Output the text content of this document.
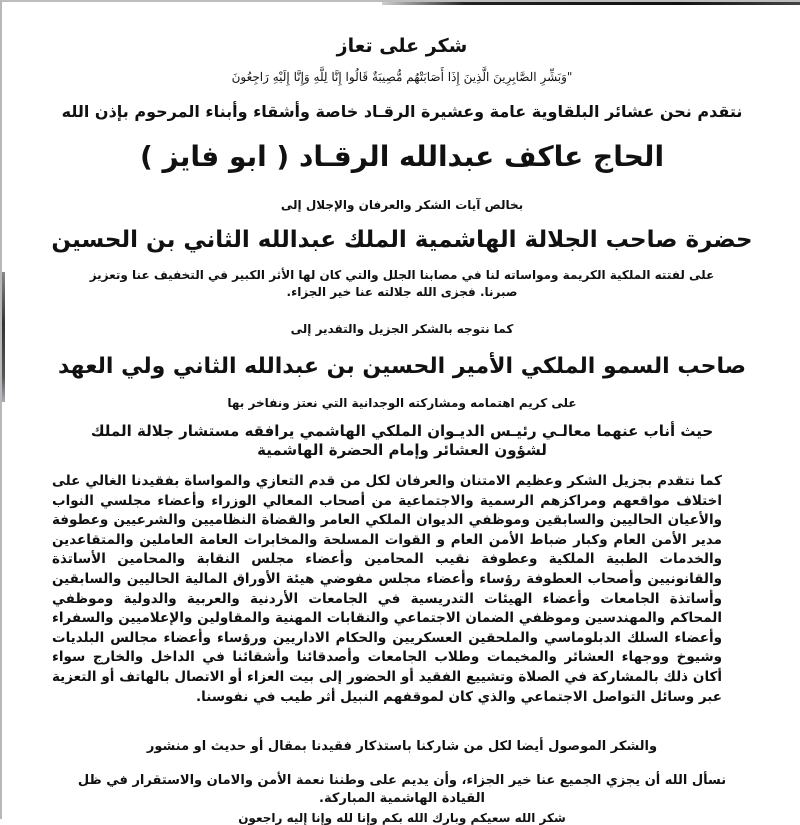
شكر على تعاز
"وَبَشِّرِ الصَّابِرِينَ الَّذِينَ إِذَا أَصَابَتْهُم مُّصِيبَةٌ قَالُوا إِنَّا لِلَّهِ وَإِنَّا إِلَيْهِ رَاجِعُونَ
نتقدم نحن عشائر البلقاوية عامة وعشيرة الرقـاد خاصة وأشقاء وأبناء المرحوم بإذن الله
الحاج عاكف عبدالله الرقـاد ( ابو فايز )
بخالص آيات الشكر والعرفان والإجلال إلى
حضرة صاحب الجلالة الهاشمية الملك عبدالله الثاني بن الحسين
على لفتته الملكية الكريمة ومواساته لنا في مصابنا الجلل والتي كان لها الأثر الكبير في التخفيف عنا وتعزيز
صبرنا. فجزى الله جلالته عنا خير الجزاء.
كما نتوجه بالشكر الجزيل والتقدير إلى
صاحب السمو الملكي الأمير الحسين بن عبدالله الثاني ولي العهد
على كريم اهتمامه ومشاركته الوجدانية التي نعتز ونفاخر بها
حيث أناب عنهما معالـي رئيـس الديـوان الملكي الهاشمي يرافقه مستشار جلالة الملك
لشؤون العشائر وإمام الحضرة الهاشمية
كما نتقدم بجزيل الشكر وعظيم الامتنان والعرفان لكل من قدم التعازي والمواساة بفقيدنا الغالي على اختلاف مواقعهم ومراكزهم الرسمية والاجتماعية من أصحاب المعالي الوزراء وأعضاء مجلسي النواب والأعيان الحاليين والسابقين وموظفي الديوان الملكي العامر والقضاة النظاميين والشرعيين وعطوفة مدير الأمن العام وكبار ضباط الأمن العام و القوات المسلحة والمخابرات العامة العاملين والمتقاعدين والخدمات الطبية الملكية وعطوفة نقيب المحامين وأعضاء مجلس النقابة والمحامين الأساتذة والقانونيين وأصحاب العطوفة رؤساء وأعضاء مجلس مفوضي هيئة الأوراق المالية الحاليين والسابقين وأساتذة الجامعات وأعضاء الهيئات التدريسية في الجامعات الأردنية والعربية والدولية وموظفي المحاكم والمهندسين وموظفي الضمان الاجتماعي والنقابات المهنية والمقاولين والإعلاميين والسفراء وأعضاء السلك الدبلوماسي والملحقين العسكريين والحكام الاداريين ورؤساء وأعضاء مجالس البلديات وشيوخ ووجهاء العشائر والمخيمات وطلاب الجامعات وأصدقائنا وأشقائنا في الداخل والخارج سواء أكان ذلك بالمشاركة في الصلاة وتشييع الفقيد أو الحضور إلى بيت العزاء أو الاتصال بالهاتف أو التعزية عبر وسائل التواصل الاجتماعي والذي كان لموقفهم النبيل أثر طيب في نفوسنا.
والشكر الموصول أيضا لكل من شاركنا باستذكار فقيدنا بمقال أو حديث او منشور
نسأل الله أن يجزي الجميع عنا خير الجزاء، وأن يديم على وطننا نعمة الأمن والامان والاستقرار في ظل
القيادة الهاشمية المباركة.
شكر الله سعيكم وبارك الله بكم وإنا لله وإنا إليه راجعون
